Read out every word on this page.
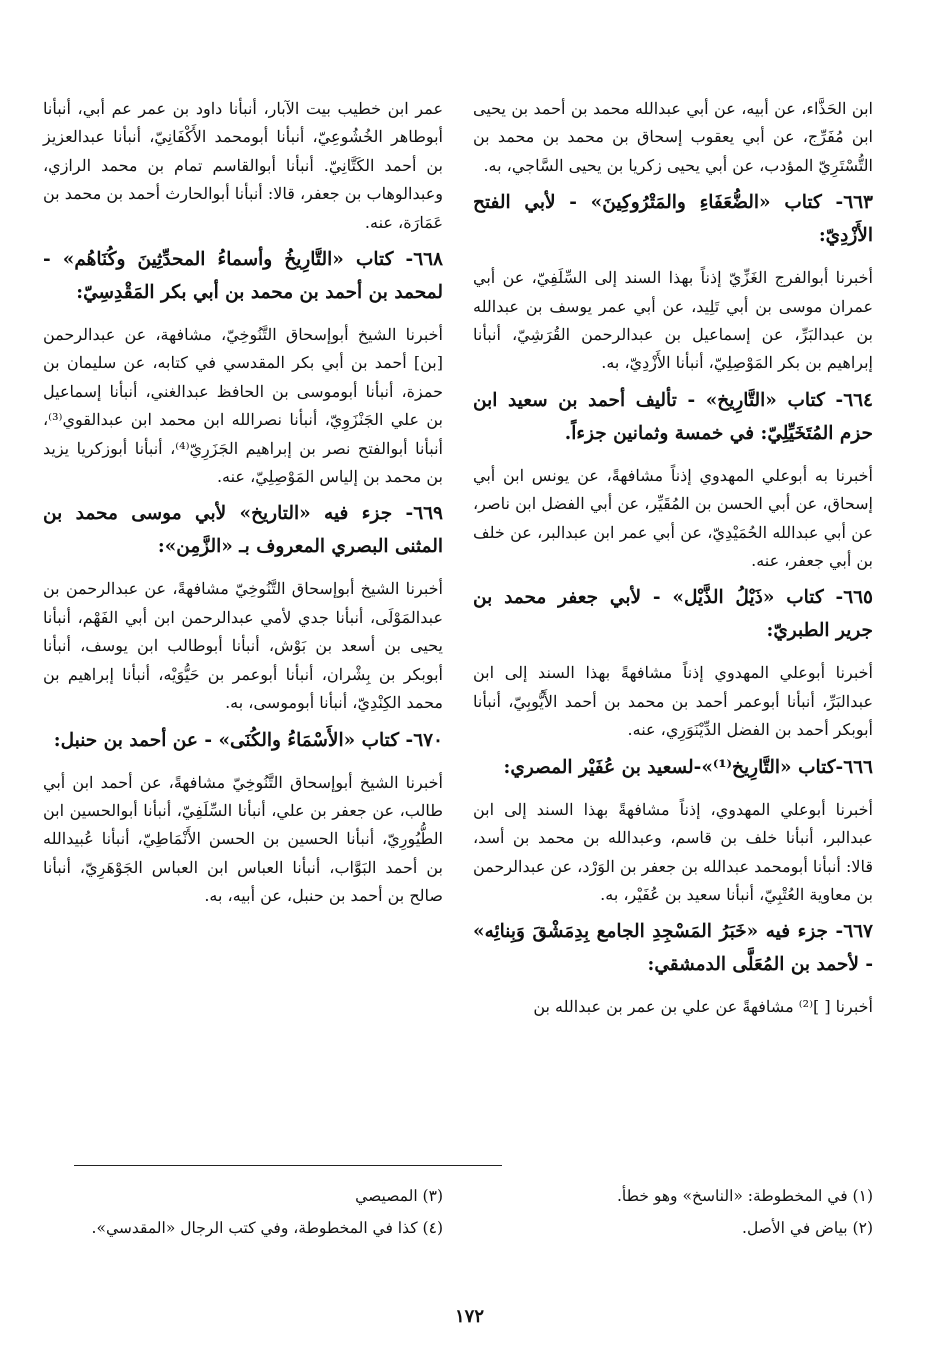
ابن الحَذَّاء، عن أبيه، عن أبي عبدالله محمد بن أحمد بن يحيى ابن مُفَرِّج، عن أبي يعقوب إسحاق بن محمد بن محمد بن التُّسْتَرِيّ المؤدب، عن أبي يحيى زكريا بن يحيى السَّاجي، به.

٦٦٣- كتاب «الضُّعَفَاءِ والمَتْرُوكِينَ» - لأبي الفتح الأَزْدِيّ:

أخبرنا أبوالفرج الغَزِّيّ إذناً بهذا السند إلى السِّلَفِيّ، عن أبي عمران موسى بن أبي تَلِيد، عن أبي عمر يوسف بن عبدالله بن عبدالبَرِّ، عن إسماعيل بن عبدالرحمن القُرَشِيّ، أنبأنا إبراهيم بن بكر المَوْصِلِيّ، أنبأنا الأَزْدِيّ، به.

٦٦٤- كتاب «التَّارِيخ» - تأليف أحمد بن سعيد ابن حزم المُتَخَيِّلِيّ: في خمسة وثمانين جزءاً.

أخبرنا به أبوعلي المهدوي إذناً مشافهةً، عن يونس ابن أبي إسحاق، عن أبي الحسن بن المُقَيِّر، عن أبي الفضل ابن ناصر، عن أبي عبدالله الحُمَيْدِيّ، عن أبي عمر ابن عبدالبر، عن خلف بن أبي جعفر، عنه.

٦٦٥- كتاب «ذَيْلُ الذَّيْل» - لأبي جعفر محمد بن جرير الطبريّ:

أخبرنا أبوعلي المهدوي إذناً مشافهةً بهذا السند إلى ابن عبدالبَرِّ، أنبأنا أبوعمر أحمد بن محمد بن أحمد الأَيُّوبِيّ، أنبأنا أبوبكر أحمد بن الفضل الدِّيْنَوَرِي، عنه.

٦٦٦-كتاب «التَّارِيخ⁽¹⁾»-لسعيد بن عُفَيْر المصري:

أخبرنا أبوعلي المهدوي، إذناً مشافهةً بهذا السند إلى ابن عبدالبر، أنبأنا خلف بن قاسم، وعبدالله بن محمد بن أسد، قالا: أنبأنا أبومحمد عبدالله بن جعفر بن الوَرْد، عن عبدالرحمن بن معاوية العُتْبِيّ، أنبأنا سعيد بن عُفَيْر، به.

٦٦٧- جزء فيه «خَبَرُ المَسْجِدِ الجامع بِدِمَشْقَ وَبِنائِه» - لأحمد بن المُعَلَّى الدمشقي:

أخبرنا [ ]⁽²⁾ مشافهةً عن علي بن عمر بن عبدالله بن

عمر ابن خطيب بيت الآبار، أنبأنا داود بن عمر عم أبي، أنبأنا أبوطاهر الخُشُوعِيّ، أنبأنا أبومحمد الأَكْفَانِيّ، أنبأنا عبدالعزيز بن أحمد الكَتَّانِيّ. أنبأنا أبوالقاسم تمام بن محمد الرازي، وعبدالوهاب بن جعفر، قالا: أنبأنا أبوالحارث أحمد بن محمد بن عَمَارَة، عنه.

٦٦٨- كتاب «التَّارِيخُ وأسماءُ المحدِّثِينَ وكُنَاهُم» - لمحمد بن أحمد بن محمد بن أبي بكر المَقْدِسِيّ:

أخبرنا الشيخ أبوإسحاق التَّنُوخِيّ، مشافهة، عن عبدالرحمن [بن] أحمد بن أبي بكر المقدسي في كتابه، عن سليمان بن حمزة، أنبأنا أبوموسى بن الحافظ عبدالغني، أنبأنا إسماعيل بن علي الجَنْزَوِيّ، أنبأنا نصرالله ابن محمد ابن عبدالقوي⁽³⁾، أنبأنا أبوالفتح نصر بن إبراهيم الجَزَرِيّ⁽⁴⁾، أنبأنا أبوزكريا يزيد بن محمد بن إلياس المَوْصِلِيّ، عنه.

٦٦٩- جزء فيه «التاريخ» لأبي موسى محمد بن المثنى البصري المعروف بـ «الزَّمِن»:

أخبرنا الشيخ أبوإسحاق التَّنُوخِيّ مشافهةً، عن عبدالرحمن بن عبدالمَوْلَى، أنبأنا جدي لأمي عبدالرحمن ابن أبي الفَهْم، أنبأنا يحيى بن أسعد بن بَوْش، أنبأنا أبوطالب ابن يوسف، أنبأنا أبوبكر بن بِشْران، أنبأنا أبوعمر بن حَيُّوَيْه، أنبأنا إبراهيم بن محمد الكِنْدِيّ، أنبأنا أبوموسى، به.

٦٧٠- كتاب «الأَسْمَاءُ والكُنَى» - عن أحمد بن حنبل:

أخبرنا الشيخ أبوإسحاق التَّنُوخِيّ مشافهةً، عن أحمد ابن أبي طالب، عن جعفر بن علي، أنبأنا السِّلَفِيّ، أنبأنا أبوالحسين ابن الطُّيُورِيّ، أنبأنا الحسين بن الحسن الأَنْمَاطِيّ، أنبأنا عُبيدالله بن أحمد البَوَّاب، أنبأنا العباس ابن العباس الجَوْهَرِيّ، أنبأنا صالح بن أحمد بن حنبل، عن أبيه، به.

(١) في المخطوطة: «الناسخ» وهو خطأ.
(٢) بياض في الأصل.
(٣) المصيصي
(٤) كذا في المخطوطة، وفي كتب الرجال «المقدسي».
١٧٢
